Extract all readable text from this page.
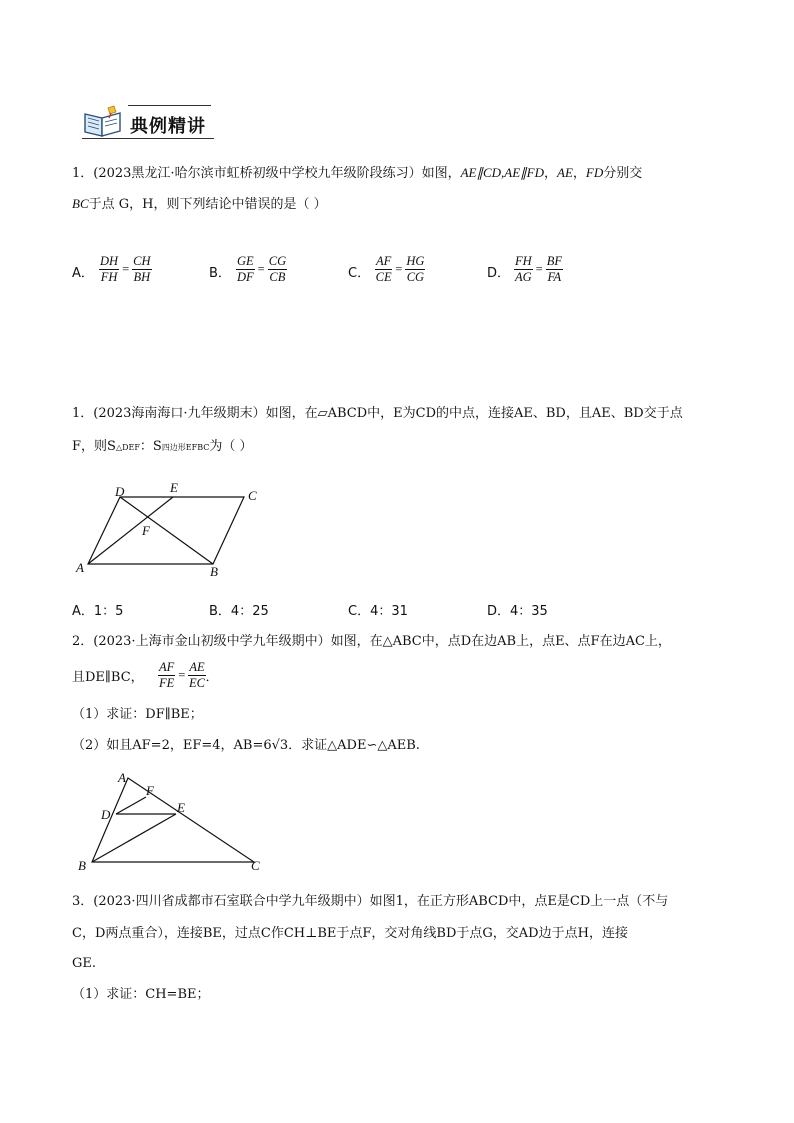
典例精讲
1．(2023黑龙江·哈尔滨市虹桥初级中学校九年级阶段练习）如图，AE∥CD,AE∥FD，AE，FD分别交
BC于点 G，H，则下列结论中错误的是（ ）
A． $\frac{DH}{FH} = \frac{CH}{BH}$	B． $\frac{GE}{DF} = \frac{CG}{CB}$	C． $\frac{AF}{CE} = \frac{HG}{CG}$	D． $\frac{FH}{AG} = \frac{BF}{FA}$
1．(2023海南海口·九年级期末）如图，在▱ABCD中，E为CD的中点，连接AE、BD，且AE、BD交于点
F，则S△DEF：S四边形EFBC为（ ）
D	E
C
F
A	B
A．1：5	B．4：25	C．4：31	D．4：35
2．(2023·上海市金山初级中学九年级期中）如图，在△ABC中，点D在边AB上，点E、点F在边AC上，
且DE∥BC， $\frac{AF}{FE} = \frac{AE}{EC}$ ．
（1）求证：DF∥BE；
（2）如且AF=2，EF=4，AB=6√3．求证△ADE∽△AEB.
A
F
E
D
B	C
3．(2023·四川省成都市石室联合中学九年级期中）如图1，在正方形ABCD中，点E是CD上一点（不与
C，D两点重合），连接BE，过点C作CH⊥BE于点F，交对角线BD于点G，交AD边于点H，连接
GE.
（1）求证：CH=BE；
